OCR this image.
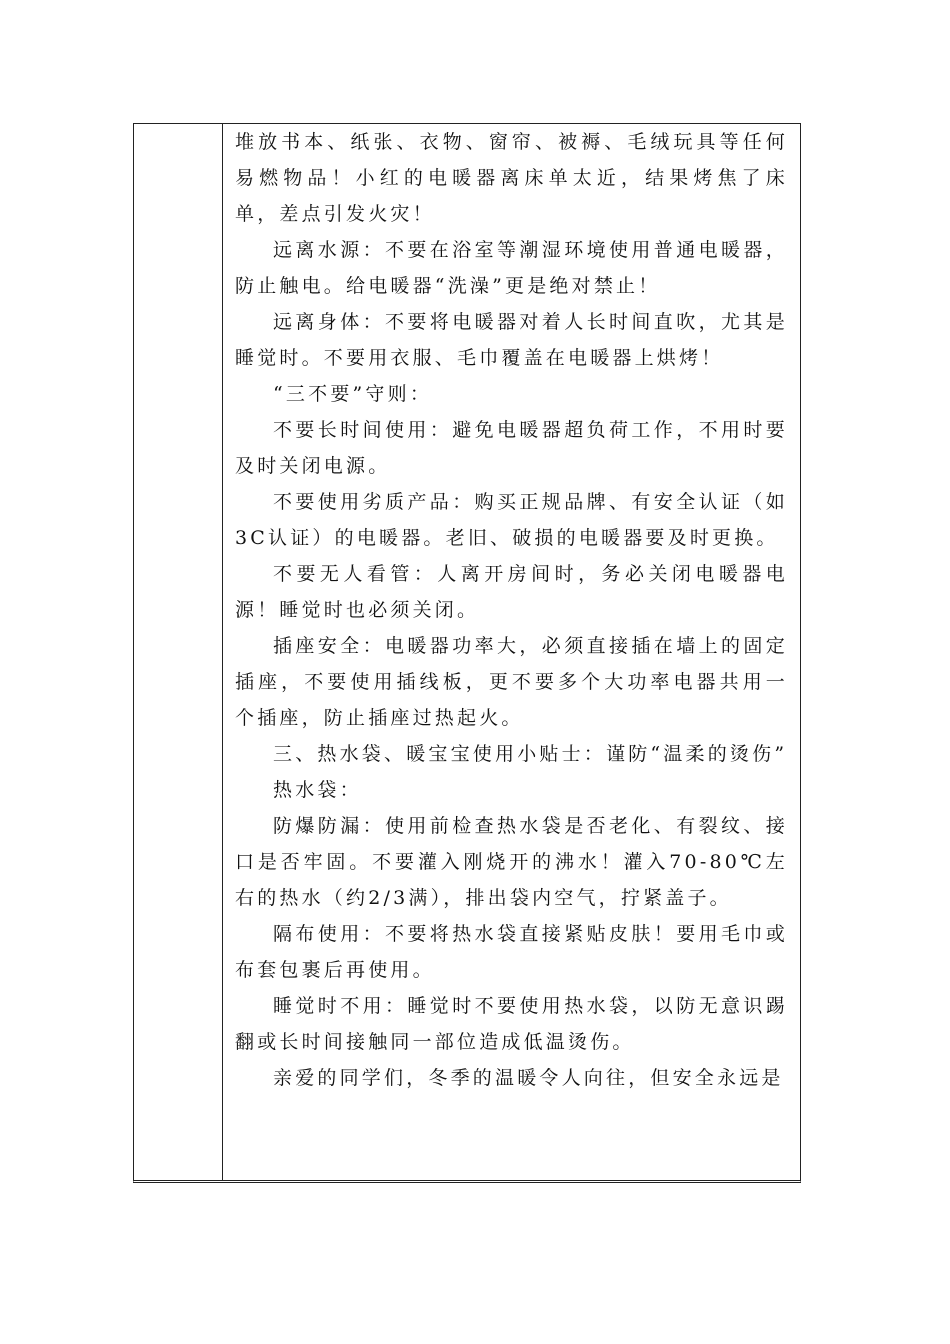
堆放书本、纸张、衣物、窗帘、被褥、毛绒玩具等任何易燃物品！小红的电暖器离床单太近，结果烤焦了床单，差点引发火灾！

远离水源：不要在浴室等潮湿环境使用普通电暖器，防止触电。给电暖器“洗澡”更是绝对禁止！

远离身体：不要将电暖器对着人长时间直吹，尤其是睡觉时。不要用衣服、毛巾覆盖在电暖器上烘烤！

“三不要”守则：

不要长时间使用：避免电暖器超负荷工作，不用时要及时关闭电源。

不要使用劣质产品：购买正规品牌、有安全认证（如3C认证）的电暖器。老旧、破损的电暖器要及时更换。

不要无人看管：人离开房间时，务必关闭电暖器电源！睡觉时也必须关闭。

插座安全：电暖器功率大，必须直接插在墙上的固定插座，不要使用插线板，更不要多个大功率电器共用一个插座，防止插座过热起火。

三、热水袋、暖宝宝使用小贴士：谨防“温柔的烫伤”

热水袋：

防爆防漏：使用前检查热水袋是否老化、有裂纹、接口是否牢固。不要灌入刚烧开的沸水！灌入70-80℃左右的热水（约2/3满），排出袋内空气，拧紧盖子。

隔布使用：不要将热水袋直接紧贴皮肤！要用毛巾或布套包裹后再使用。

睡觉时不用：睡觉时不要使用热水袋，以防无意识踢翻或长时间接触同一部位造成低温烫伤。

亲爱的同学们，冬季的温暖令人向往，但安全永远是
